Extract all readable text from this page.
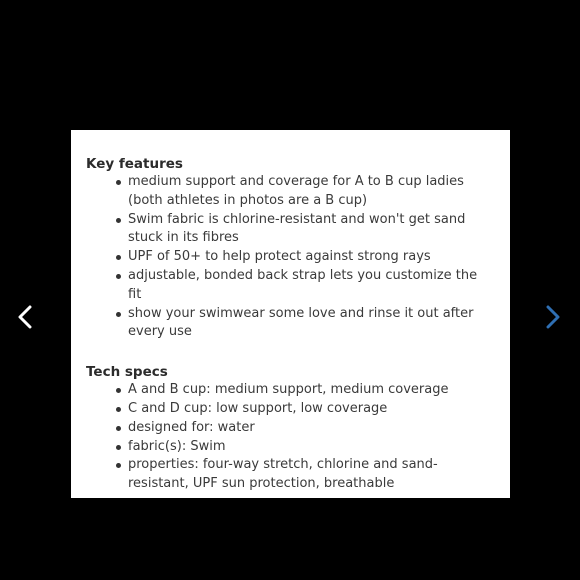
Key features
medium support and coverage for A to B cup ladies (both athletes in photos are a B cup)
Swim fabric is chlorine-resistant and won't get sand stuck in its fibres
UPF of 50+ to help protect against strong rays
adjustable, bonded back strap lets you customize the fit
show your swimwear some love and rinse it out after every use
Tech specs
A and B cup: medium support, medium coverage
C and D cup: low support, low coverage
designed for: water
fabric(s): Swim
properties: four-way stretch, chlorine and sand-resistant, UPF sun protection, breathable
